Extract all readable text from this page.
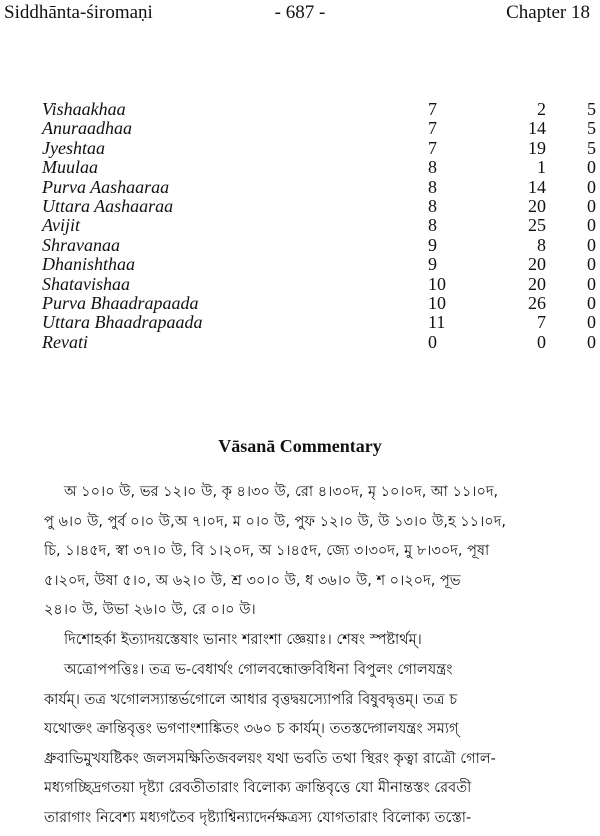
Siddhānta-śiromaṇi	- 687 -	Chapter 18
Vishaakhaa	7	2	5
Anuraadhaa	7	14	5
Jyeshtaa	7	19	5
Muulaa	8	1	0
Purva Aashaaraa	8	14	0
Uttara Aashaaraa	8	20	0
Avijit	8	25	0
Shravanaa	9	8	0
Dhanishthaa	9	20	0
Shatavishaa	10	20	0
Purva Bhaadrapaada	10	26	0
Uttara Bhaadrapaada	11	7	0
Revati	0	0	0
Vāsanā Commentary
অ ১০।০ উ, ভর ১২।০ উ, কৃ ৪।৩০ উ, রো ৪।৩০দ, মৃ ১০।০দ, আ ১১।০দ,
পু ৬।০ উ, পুর্ব ০।০ উ,অ ৭।০দ, ম ০।০ উ, পুফ ১২।০ উ, উ ১৩।০ উ,হ ১১।০দ,
চি, ১।৪৫দ, স্বা ৩৭।০ উ, বি ১।২০দ, অ ১।৪৫দ, জ্যে ৩।৩০দ, মু ৮।৩০দ, পূষা
৫।২০দ, উষা ৫।০, অ ৬২।০ উ, শ্র ৩০।০ উ, ধ ৩৬।০ উ, শ ০।২০দ, পূভ
২৪।০ উ, উভা ২৬।০ উ, রে ০।০ উ।
দিশোহর্কা ইত্যাদয়স্তেষাং ভানাং শরাংশা জ্ঞেয়াঃ। শেষং স্পষ্টার্থম্।
অত্রোপপত্তিঃ। তত্র ভ-বেধার্থং গোলবন্ধোক্তবিধিনা বিপুলং গোলযন্ত্রং
কার্যম্। তত্র খগোলস্যান্তর্ভগোলে আধার বৃত্তদ্বয়স্যোপরি বিষুবদ্বৃত্তম্। তত্র চ
যথোক্তং ক্রান্তিবৃত্তং ভগণাংশাঙ্কিতং ৩৬০ চ কার্যম্। ততস্তদ্গোলযন্ত্রং সম্যগ্
ধ্রুবাভিমুখযষ্টিকং জলসমক্ষিতিজবলয়ং যথা ভবতি তথা স্থিরং কৃত্বা রাত্রৌ গোল-
মধ্যগচ্ছিদ্রগতয়া দৃষ্ট্যা রেবতীতারাং বিলোক্য ক্রান্তিবৃত্তে যো মীনান্তস্তং রেবতী
তারাগাং নিবেশ্য মধ্যগতৈব দৃষ্ট্যাশ্বিন্যাদের্নক্ষত্রস্য যোগতারাং বিলোক্য তস্তো-
